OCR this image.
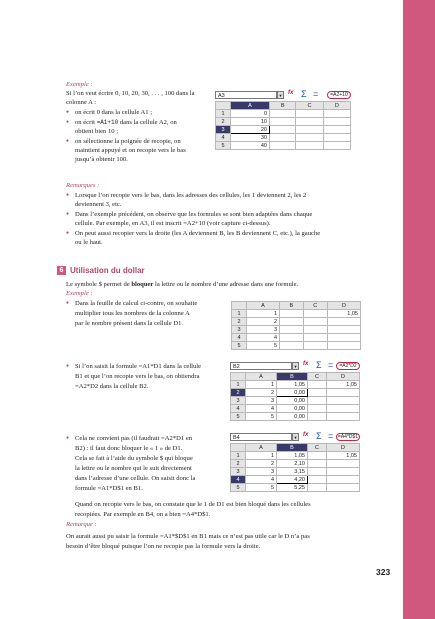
Exemple :
Si l’on veut écrire 0, 10, 20, 30, . . . , 100 dans la
colonne A :
● on écrit 0 dans la cellule A1 ;
● on écrit =A1+10 dans la cellule A2, on
obtient bien 10 ;
● on sélectionne la poignée de recopie, on
maintient appuyé et on recopie vers le bas
jusqu’à obtenir 100.
A3	▼ fx Σ =	=A2+10
	A	B	C	D
1	0			
2	10			
3	20			
4	30			
5	40			
Remarques :
● Lorsque l’on recopie vers le bas, dans les adresses des cellules, les 1 deviennent 2, les 2
deviennent 3, etc.
● Dans l’exemple précédent, on observe que les formules se sont bien adaptées dans chaque
cellule. Par exemple, en A3, il est inscrit =A2+10 (voir capture ci-dessus).
● On peut aussi recopier vers la droite (les A deviennent B, les B deviennent C, etc.), la gauche
ou le haut.
6 Utilisation du dollar
Le symbole $ permet de bloquer la lettre ou le nombre d’une adresse dans une formule.
Exemple :
● Dans la feuille de calcul ci-contre, on souhaite
multiplier tous les nombres de la colonne A
par le nombre présent dans la cellule D1.
	A	B	C	D
1	1			1,05
2	2			
3	3			
4	4			
5	5			
● Si l’on saisit la formule =A1*D1 dans la cellule
B1 et que l’on recopie vers le bas, on obtiendra
=A2*D2 dans la cellule B2.
B2	▼ fx Σ =	=A2*D2
	A	B	C	D
1	1	1,05		1,05
2	2	0,00		
3	3	0,00		
4	4	0,00		
5	5	0,00		
● Cela ne convient pas (il faudrait =A2*D1 en
B2) : il faut donc bloquer le « 1 » de D1.
Cela se fait à l’aide du symbole $ qui bloque
la lettre ou le nombre qui le suit directement
dans l’adresse d’une cellule. On saisit donc la
formule =A1*D$1 en B1.
B4	▼ fx Σ = =A4*D$1
	A	B	C	D
1	1	1,05		1,05
2	2	2,10		
3	3	3,15		
4	4	4,20		
5	5	5,25		
Quand on recopie vers le bas, on constate que le 1 de D1 est bien bloqué dans les cellules
recopiées. Par exemple en B4, on a bien =A4*D$1.
Remarque :
On aurait aussi pu saisir la formule =A1*$D$1 en B1 mais ce n’est pas utile car le D n’a pas
besoin d’être bloqué puisque l’on ne recopie pas la formule vers la droite.
323
